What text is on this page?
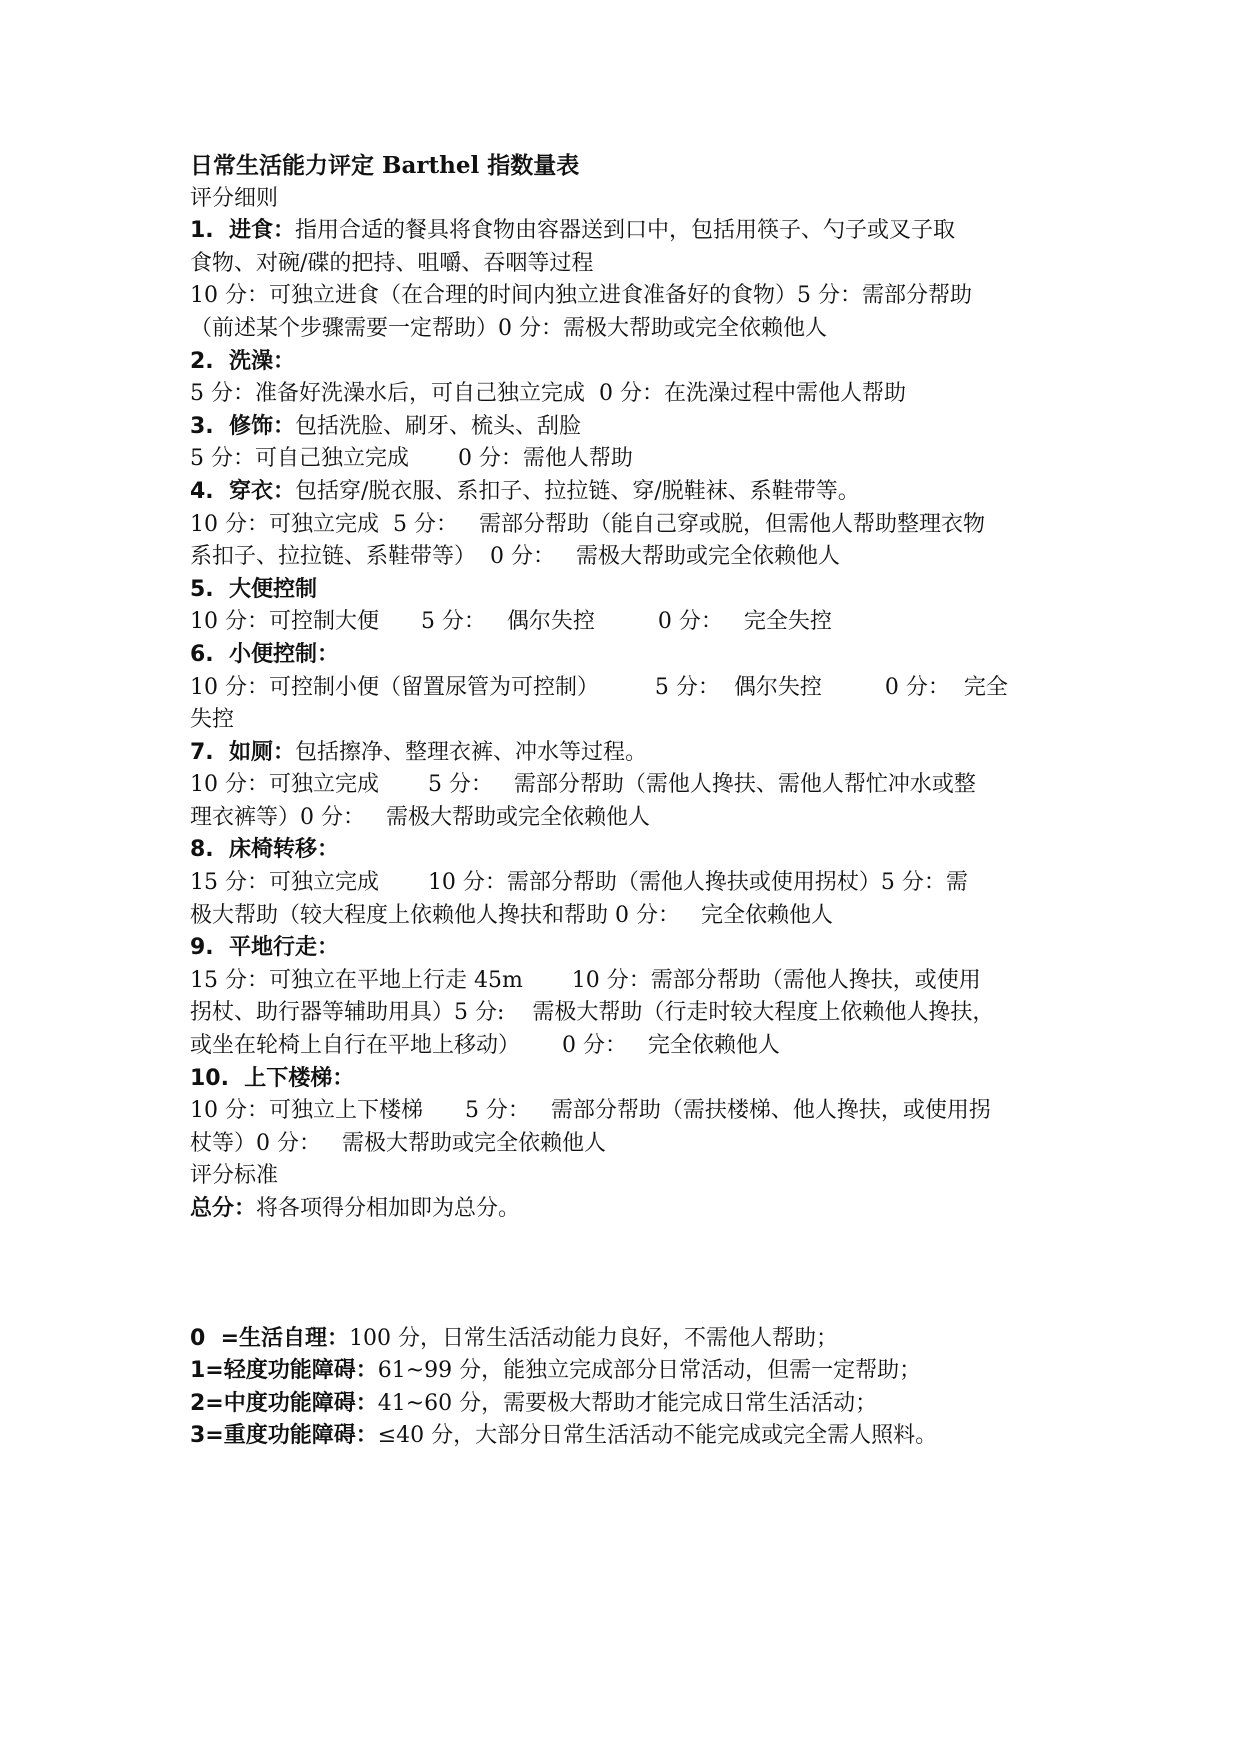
日常生活能力评定 Barthel 指数量表
评分细则
1.  进食：指用合适的餐具将食物由容器送到口中，包括用筷子、勺子或叉子取
食物、对碗/碟的把持、咀嚼、吞咽等过程
10 分：可独立进食（在合理的时间内独立进食准备好的食物）5 分：需部分帮助
（前述某个步骤需要一定帮助）0 分：需极大帮助或完全依赖他人
2.  洗澡：
5 分：准备好洗澡水后，可自己独立完成  0 分：在洗澡过程中需他人帮助
3.  修饰：包括洗脸、刷牙、梳头、刮脸
5 分：可自己独立完成       0 分：需他人帮助
4.  穿衣：包括穿/脱衣服、系扣子、拉拉链、穿/脱鞋袜、系鞋带等。
10 分：可独立完成  5 分：   需部分帮助（能自己穿或脱，但需他人帮助整理衣物
系扣子、拉拉链、系鞋带等）  0 分：   需极大帮助或完全依赖他人
5.  大便控制
10 分：可控制大便      5 分：   偶尔失控         0 分：   完全失控
6.  小便控制：
10 分：可控制小便（留置尿管为可控制）        5 分：  偶尔失控         0 分：  完全
失控
7.  如厕：包括擦净、整理衣裤、冲水等过程。
10 分：可独立完成       5 分：   需部分帮助（需他人搀扶、需他人帮忙冲水或整
理衣裤等）0 分：   需极大帮助或完全依赖他人
8.  床椅转移：
15 分：可独立完成       10 分：需部分帮助（需他人搀扶或使用拐杖）5 分：需
极大帮助（较大程度上依赖他人搀扶和帮助 0 分：   完全依赖他人
9.  平地行走：
15 分：可独立在平地上行走 45m       10 分：需部分帮助（需他人搀扶，或使用
拐杖、助行器等辅助用具）5 分:    需极大帮助（行走时较大程度上依赖他人搀扶，
或坐在轮椅上自行在平地上移动）      0 分：   完全依赖他人
10.  上下楼梯：
10 分：可独立上下楼梯      5 分：   需部分帮助（需扶楼梯、他人搀扶，或使用拐
杖等）0 分：   需极大帮助或完全依赖他人
评分标准
总分：将各项得分相加即为总分。
0  =生活自理：100 分，日常生活活动能力良好，不需他人帮助；
1=轻度功能障碍：61~99 分，能独立完成部分日常活动，但需一定帮助；
2=中度功能障碍：41~60 分，需要极大帮助才能完成日常生活活动；
3=重度功能障碍：≤40 分，大部分日常生活活动不能完成或完全需人照料。
